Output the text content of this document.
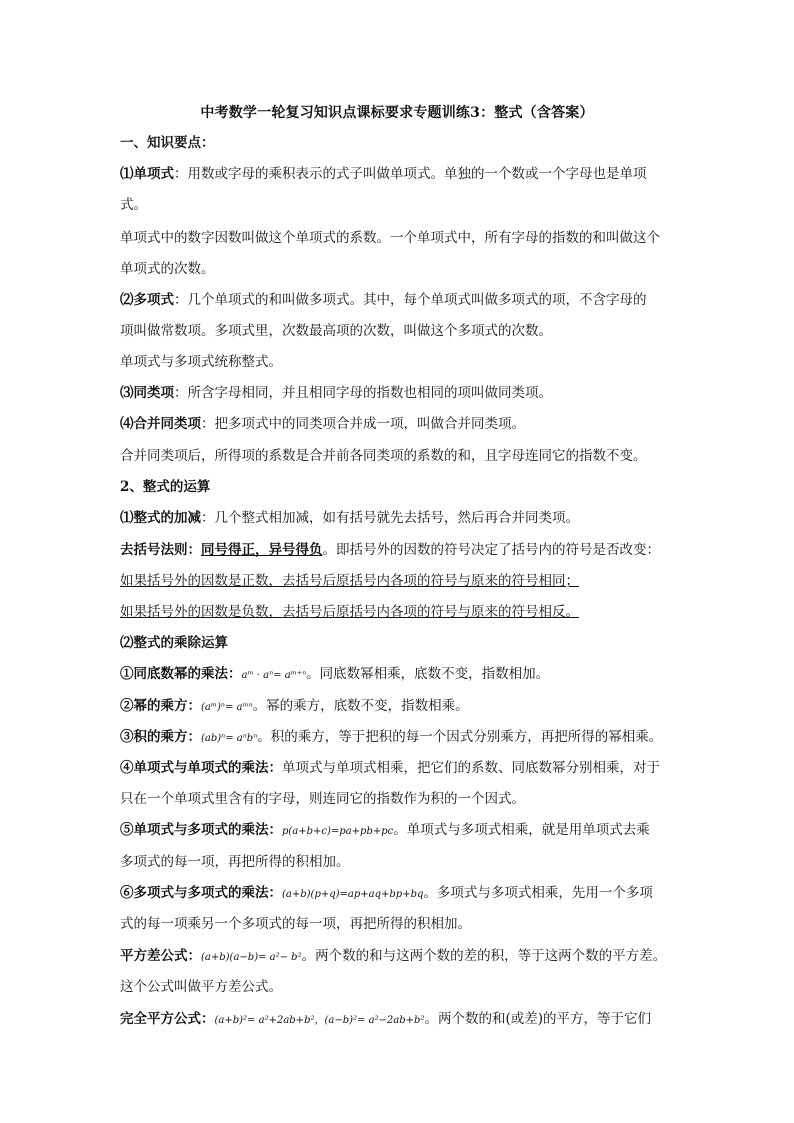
中考数学一轮复习知识点课标要求专题训练3：整式（含答案）
一、知识要点：
⑴单项式：用数或字母的乘积表示的式子叫做单项式。单独的一个数或一个字母也是单项
式。
单项式中的数字因数叫做这个单项式的系数。一个单项式中，所有字母的指数的和叫做这个
单项式的次数。
⑵多项式：几个单项式的和叫做多项式。其中，每个单项式叫做多项式的项，不含字母的
项叫做常数项。多项式里，次数最高项的次数，叫做这个多项式的次数。
单项式与多项式统称整式。
⑶同类项：所含字母相同，并且相同字母的指数也相同的项叫做同类项。
⑷合并同类项：把多项式中的同类项合并成一项，叫做合并同类项。
合并同类项后，所得项的系数是合并前各同类项的系数的和，且字母连同它的指数不变。
2、整式的运算
⑴整式的加减：几个整式相加减，如有括号就先去括号，然后再合并同类项。
去括号法则：同号得正，异号得负。即括号外的因数的符号决定了括号内的符号是否改变：
如果括号外的因数是正数，去括号后原括号内各项的符号与原来的符号相同；
如果括号外的因数是负数，去括号后原括号内各项的符号与原来的符号相反。
⑵整式的乘除运算
①同底数幂的乘法：aᵐ · aⁿ= aᵐ⁺ⁿ。同底数幂相乘，底数不变，指数相加。
②幂的乘方：(aᵐ)ⁿ= aᵐⁿ。幂的乘方，底数不变，指数相乘。
③积的乘方：(ab)ⁿ= aⁿbⁿ。积的乘方，等于把积的每一个因式分别乘方，再把所得的幂相乘。
④单项式与单项式的乘法：单项式与单项式相乘，把它们的系数、同底数幂分别相乘，对于
只在一个单项式里含有的字母，则连同它的指数作为积的一个因式。
⑤单项式与多项式的乘法：p(a+b+c)=pa+pb+pc。单项式与多项式相乘，就是用单项式去乘
多项式的每一项，再把所得的积相加。
⑥多项式与多项式的乘法：(a+b)(p+q)=ap+aq+bp+bq。多项式与多项式相乘，先用一个多项
式的每一项乘另一个多项式的每一项，再把所得的积相加。
平方差公式：(a+b)(a−b)= a²− b²。两个数的和与这两个数的差的积，等于这两个数的平方差。
这个公式叫做平方差公式。
完全平方公式：(a+b)²= a²+2ab+b²，(a−b)²= a²−2ab+b²。两个数的和(或差)的平方，等于它们
